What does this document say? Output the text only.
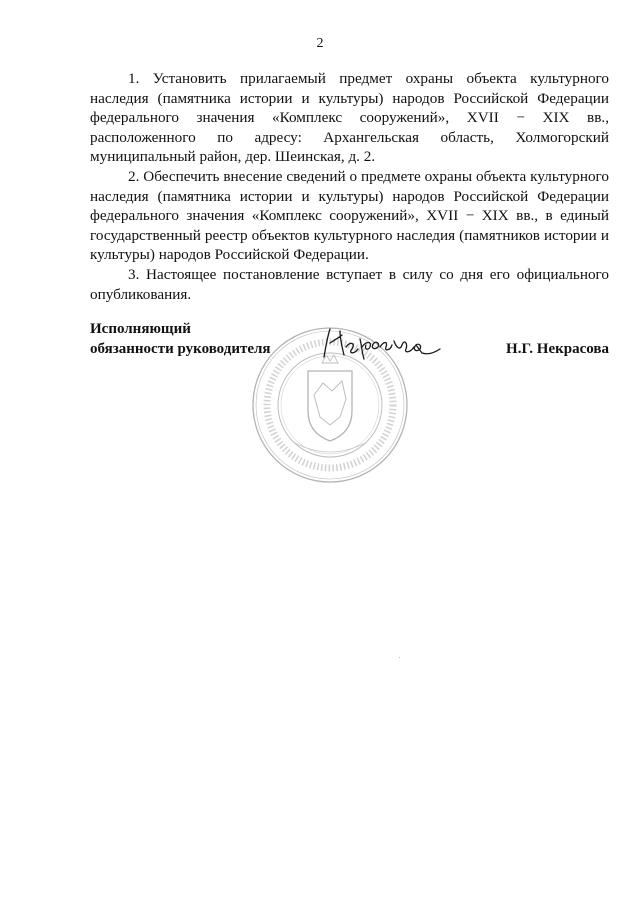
2

1. Установить прилагаемый предмет охраны объекта культурного наследия (памятника истории и культуры) народов Российской Федерации федерального значения «Комплекс сооружений», XVII − XIX вв., расположенного по адресу: Архангельская область, Холмогорский муниципальный район, дер. Шеинская, д. 2.

2. Обеспечить внесение сведений о предмете охраны объекта культурного наследия (памятника истории и культуры) народов Российской Федерации федерального значения «Комплекс сооружений», XVII − XIX вв., в единый государственный реестр объектов культурного наследия (памятников истории и культуры) народов Российской Федерации.

3. Настоящее постановление вступает в силу со дня его официального опубликования.

Исполняющий
обязанности руководителя	Н.Г. Некрасова
